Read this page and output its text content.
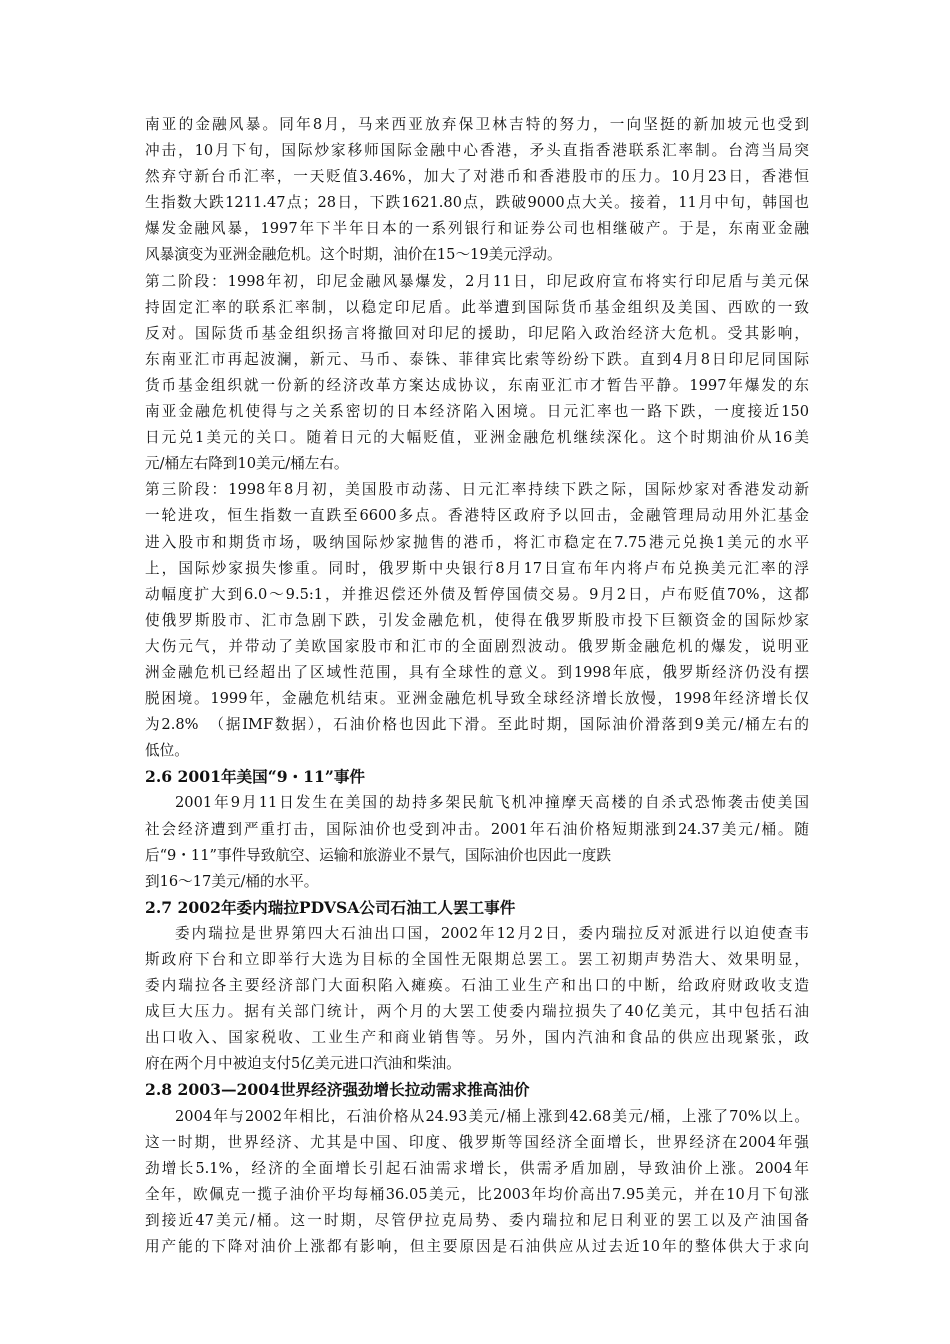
南亚的金融风暴。同年8月，马来西亚放弃保卫林吉特的努力，一向坚挺的新加坡元也受到
冲击，10月下旬，国际炒家移师国际金融中心香港，矛头直指香港联系汇率制。台湾当局突
然弃守新台币汇率，一天贬值3.46%，加大了对港币和香港股市的压力。10月23日，香港恒
生指数大跌1211.47点；28日，下跌1621.80点，跌破9000点大关。接着，11月中旬，韩国也
爆发金融风暴，1997年下半年日本的一系列银行和证券公司也相继破产。于是，东南亚金融
风暴演变为亚洲金融危机。这个时期，油价在15～19美元浮动。
第二阶段：1998年初，印尼金融风暴爆发，2月11日，印尼政府宣布将实行印尼盾与美元保
持固定汇率的联系汇率制，以稳定印尼盾。此举遭到国际货币基金组织及美国、西欧的一致
反对。国际货币基金组织扬言将撤回对印尼的援助，印尼陷入政治经济大危机。受其影响，
东南亚汇市再起波澜，新元、马币、泰铢、菲律宾比索等纷纷下跌。直到4月8日印尼同国际
货币基金组织就一份新的经济改革方案达成协议，东南亚汇市才暂告平静。1997年爆发的东
南亚金融危机使得与之关系密切的日本经济陷入困境。日元汇率也一路下跌，一度接近150
日元兑1美元的关口。随着日元的大幅贬值，亚洲金融危机继续深化。这个时期油价从16美
元/桶左右降到10美元/桶左右。
第三阶段：1998年8月初，美国股市动荡、日元汇率持续下跌之际，国际炒家对香港发动新
一轮进攻，恒生指数一直跌至6600多点。香港特区政府予以回击，金融管理局动用外汇基金
进入股市和期货市场，吸纳国际炒家抛售的港币，将汇市稳定在7.75港元兑换1美元的水平
上，国际炒家损失惨重。同时，俄罗斯中央银行8月17日宣布年内将卢布兑换美元汇率的浮
动幅度扩大到6.0～9.5:1，并推迟偿还外债及暂停国债交易。9月2日，卢布贬值70%，这都
使俄罗斯股市、汇市急剧下跌，引发金融危机，使得在俄罗斯股市投下巨额资金的国际炒家
大伤元气，并带动了美欧国家股市和汇市的全面剧烈波动。俄罗斯金融危机的爆发，说明亚
洲金融危机已经超出了区域性范围，具有全球性的意义。到1998年底，俄罗斯经济仍没有摆
脱困境。1999年，金融危机结束。亚洲金融危机导致全球经济增长放慢，1998年经济增长仅
为2.8%　（据IMF数据），石油价格也因此下滑。至此时期，国际油价滑落到9美元/桶左右的
低位。
2.6 2001年美国“9・11”事件
2001年9月11日发生在美国的劫持多架民航飞机冲撞摩天高楼的自杀式恐怖袭击使美国
社会经济遭到严重打击，国际油价也受到冲击。2001年石油价格短期涨到24.37美元/桶。随
后“9・11”事件导致航空、运输和旅游业不景气，国际油价也因此一度跌
到16～17美元/桶的水平。
2.7 2002年委内瑞拉PDVSA公司石油工人罢工事件
委内瑞拉是世界第四大石油出口国，2002年12月2日，委内瑞拉反对派进行以迫使查韦
斯政府下台和立即举行大选为目标的全国性无限期总罢工。罢工初期声势浩大、效果明显，
委内瑞拉各主要经济部门大面积陷入瘫痪。石油工业生产和出口的中断，给政府财政收支造
成巨大压力。据有关部门统计，两个月的大罢工使委内瑞拉损失了40亿美元，其中包括石油
出口收入、国家税收、工业生产和商业销售等。另外，国内汽油和食品的供应出现紧张，政
府在两个月中被迫支付5亿美元进口汽油和柴油。
2.8 2003—2004世界经济强劲增长拉动需求推高油价
2004年与2002年相比，石油价格从24.93美元/桶上涨到42.68美元/桶，上涨了70%以上。
这一时期，世界经济、尤其是中国、印度、俄罗斯等国经济全面增长，世界经济在2004年强
劲增长5.1%，经济的全面增长引起石油需求增长，供需矛盾加剧，导致油价上涨。2004年
全年，欧佩克一揽子油价平均每桶36.05美元，比2003年均价高出7.95美元，并在10月下旬涨
到接近47美元/桶。这一时期，尽管伊拉克局势、委内瑞拉和尼日利亚的罢工以及产油国备
用产能的下降对油价上涨都有影响，但主要原因是石油供应从过去近10年的整体供大于求向
